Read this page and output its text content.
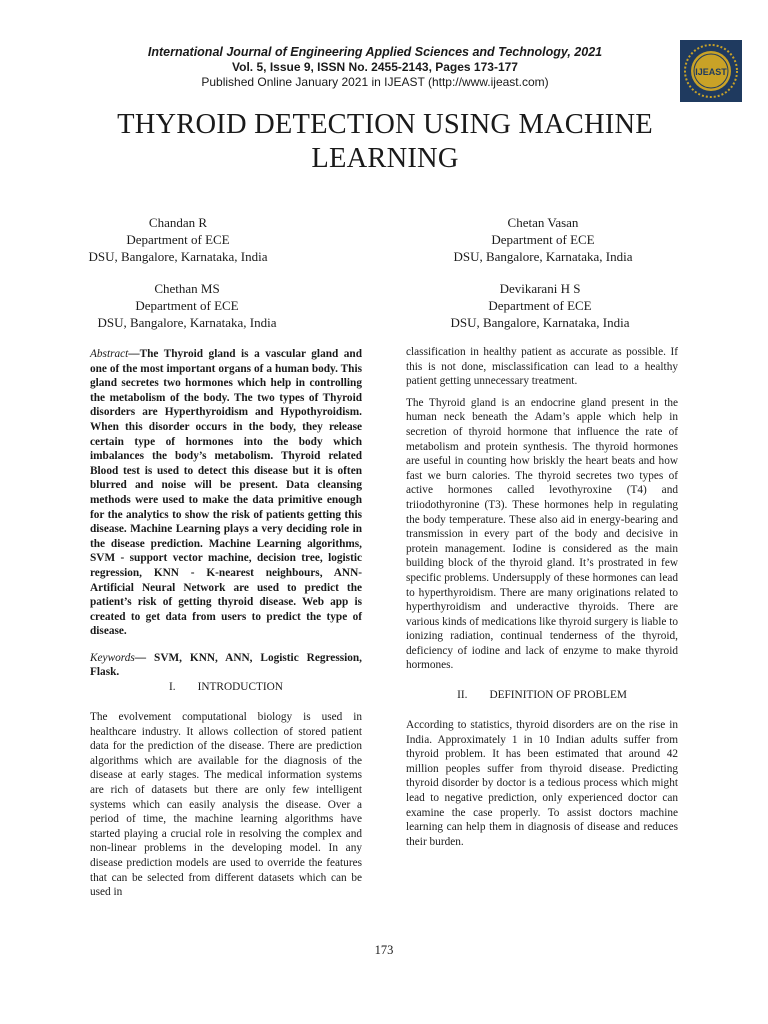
International Journal of Engineering Applied Sciences and Technology, 2021
Vol. 5, Issue 9, ISSN No. 2455-2143, Pages 173-177
Published Online January 2021 in IJEAST (http://www.ijeast.com)
IJEAST
THYROID DETECTION USING MACHINE LEARNING
Chandan R
Department of ECE
DSU, Bangalore, Karnataka, India
Chetan Vasan
Department of ECE
DSU, Bangalore, Karnataka, India
Chethan MS
Department of ECE
DSU, Bangalore, Karnataka, India
Devikarani H S
Department of ECE
DSU, Bangalore, Karnataka, India

Abstract—The Thyroid gland is a vascular gland and one of the most important organs of a human body. This gland secretes two hormones which help in controlling the metabolism of the body. The two types of Thyroid disorders are Hyperthyroidism and Hypothyroidism. When this disorder occurs in the body, they release certain type of hormones into the body which imbalances the body’s metabolism. Thyroid related Blood test is used to detect this disease but it is often blurred and noise will be present. Data cleansing methods were used to make the data primitive enough for the analytics to show the risk of patients getting this disease. Machine Learning plays a very deciding role in the disease prediction. Machine Learning algorithms, SVM - support vector machine, decision tree, logistic regression, KNN - K-nearest neighbours, ANN- Artificial Neural Network are used to predict the patient’s risk of getting thyroid disease. Web app is created to get data from users to predict the type of disease.

Keywords— SVM, KNN, ANN, Logistic Regression, Flask.

I. INTRODUCTION

The evolvement computational biology is used in healthcare industry. It allows collection of stored patient data for the prediction of the disease. There are prediction algorithms which are available for the diagnosis of the disease at early stages. The medical information systems are rich of datasets but there are only few intelligent systems which can easily analysis the disease. Over a period of time, the machine learning algorithms have started playing a crucial role in resolving the complex and non-linear problems in the developing model. In any disease prediction models are used to override the features that can be selected from different datasets which can be used in

classification in healthy patient as accurate as possible. If this is not done, misclassification can lead to a healthy patient getting unnecessary treatment.

The Thyroid gland is an endocrine gland present in the human neck beneath the Adam’s apple which help in secretion of thyroid hormone that influence the rate of metabolism and protein synthesis. The thyroid hormones are useful in counting how briskly the heart beats and how fast we burn calories. The thyroid secretes two types of active hormones called levothyroxine (T4) and triiodothyronine (T3). These hormones help in regulating the body temperature. These also aid in energy-bearing and transmission in every part of the body and decisive in protein management. Iodine is considered as the main building block of the thyroid gland. It’s prostrated in few specific problems. Undersupply of these hormones can lead to hyperthyroidism. There are many originations related to hyperthyroidism and underactive thyroids. There are various kinds of medications like thyroid surgery is liable to ionizing radiation, continual tenderness of the thyroid, deficiency of iodine and lack of enzyme to make thyroid hormones.

II. DEFINITION OF PROBLEM

According to statistics, thyroid disorders are on the rise in India. Approximately 1 in 10 Indian adults suffer from thyroid problem. It has been estimated that around 42 million peoples suffer from thyroid disease. Predicting thyroid disorder by doctor is a tedious process which might lead to negative prediction, only experienced doctor can examine the case properly. To assist doctors machine learning can help them in diagnosis of disease and reduces their burden.

173
